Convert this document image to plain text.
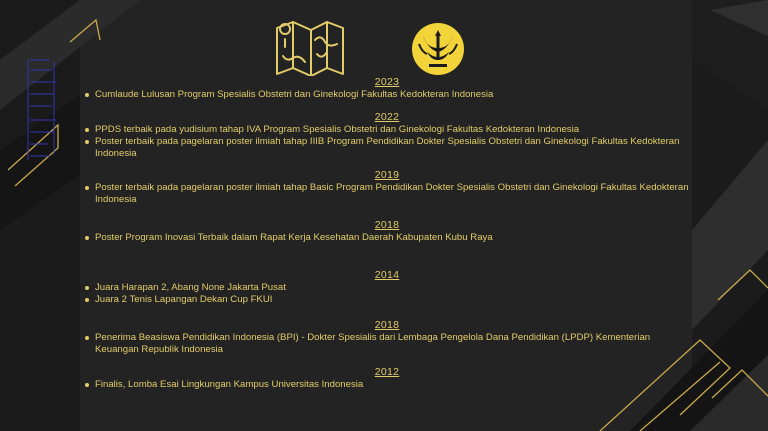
2023

Cumlaude Lulusan Program Spesialis Obstetri dan Ginekologi Fakultas Kedokteran Indonesia

2022

PPDS terbaik pada yudisium tahap IVA Program Spesialis Obstetri dan Ginekologi Fakultas Kedokteran Indonesia
Poster terbaik pada pagelaran poster ilmiah tahap IIIB Program Pendidikan Dokter Spesialis Obstetri dan Ginekologi Fakultas Kedokteran Indonesia

2019

Poster terbaik pada pagelaran poster ilmiah tahap Basic Program Pendidikan Dokter Spesialis Obstetri dan Ginekologi Fakultas Kedokteran Indonesia

2018

Poster Program Inovasi Terbaik dalam Rapat Kerja Kesehatan Daerah Kabupaten Kubu Raya

2014

Juara Harapan 2, Abang None Jakarta Pusat
Juara 2 Tenis Lapangan Dekan Cup FKUI

2018

Penerima Beasiswa Pendidikan Indonesia (BPI) - Dokter Spesialis dari Lembaga Pengelola Dana Pendidikan (LPDP) Kementerian Keuangan Republik Indonesia

2012

Finalis, Lomba Esai Lingkungan Kampus Universitas Indonesia
